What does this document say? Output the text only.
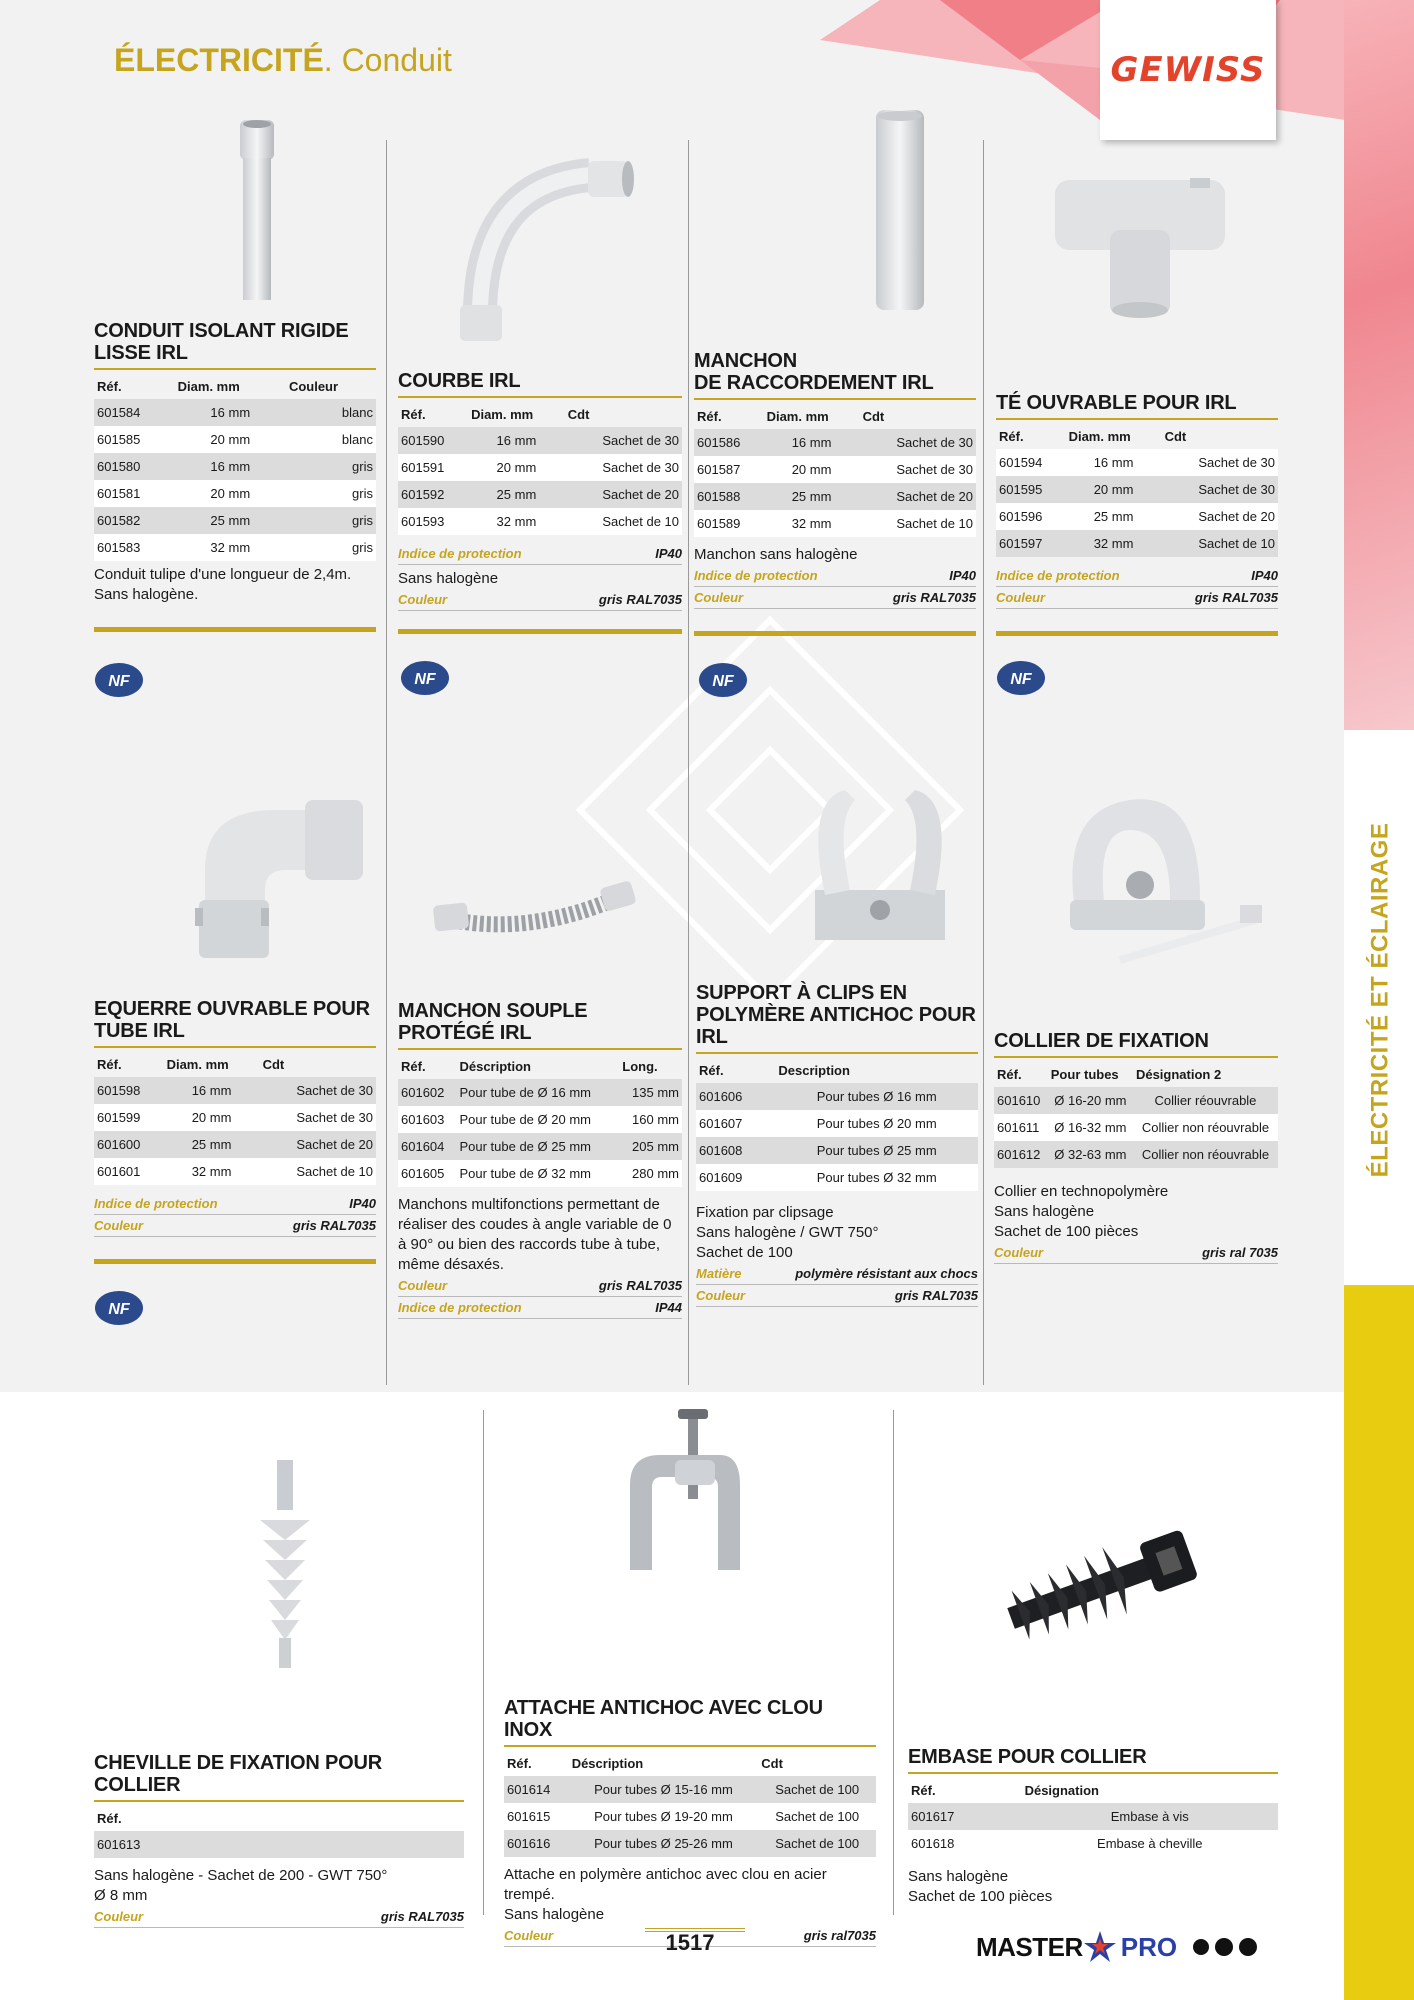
ÉLECTRICITÉ ET ÉCLAIRAGE
ÉLECTRICITÉ. Conduit	GEWISS
NF	NF	NF	NF
NF
CONDUIT ISOLANT RIGIDE LISSE IRL
Réf.	Diam. mm	Couleur
601584	16 mm	blanc
601585	20 mm	blanc
601580	16 mm	gris
601581	20 mm	gris
601582	25 mm	gris
601583	32 mm	gris
Conduit tulipe d'une longueur de 2,4m.
Sans halogène.
COURBE IRL
Réf.	Diam. mm	Cdt
601590	16 mm	Sachet de 30
601591	20 mm	Sachet de 30
601592	25 mm	Sachet de 20
601593	32 mm	Sachet de 10
Indice de protection	IP40
Sans halogène
Couleur	gris RAL7035
MANCHON
DE RACCORDEMENT IRL
Réf.	Diam. mm	Cdt
601586	16 mm	Sachet de 30
601587	20 mm	Sachet de 30
601588	25 mm	Sachet de 20
601589	32 mm	Sachet de 10
Manchon sans halogène
Indice de protection	IP40
Couleur	gris RAL7035
TÉ OUVRABLE POUR IRL
Réf.	Diam. mm	Cdt
601594	16 mm	Sachet de 30
601595	20 mm	Sachet de 30
601596	25 mm	Sachet de 20
601597	32 mm	Sachet de 10
Indice de protection	IP40
Couleur	gris RAL7035
EQUERRE OUVRABLE POUR TUBE IRL
Réf.	Diam. mm	Cdt
601598	16 mm	Sachet de 30
601599	20 mm	Sachet de 30
601600	25 mm	Sachet de 20
601601	32 mm	Sachet de 10
Indice de protection	IP40
Couleur	gris RAL7035
MANCHON SOUPLE PROTÉGÉ IRL
Réf.	Déscription	Long.
601602	Pour tube de Ø 16 mm	135 mm
601603	Pour tube de Ø 20 mm	160 mm
601604	Pour tube de Ø 25 mm	205 mm
601605	Pour tube de Ø 32 mm	280 mm
Manchons multifonctions permettant de réaliser des coudes à angle variable de 0 à 90° ou bien des raccords tube à tube, même désaxés.
Couleur	gris RAL7035
Indice de protection	IP44
SUPPORT À CLIPS EN POLYMÈRE ANTICHOC POUR IRL
Réf.	Description
601606	Pour tubes Ø 16 mm
601607	Pour tubes Ø 20 mm
601608	Pour tubes Ø 25 mm
601609	Pour tubes Ø 32 mm
Fixation par clipsage
Sans halogène / GWT 750°
Sachet de 100
Matière	polymère résistant aux chocs
Couleur	gris RAL7035
COLLIER DE FIXATION
Réf.	Pour tubes	Désignation 2
601610	Ø 16-20 mm	Collier réouvrable
601611	Ø 16-32 mm	Collier non réouvrable
601612	Ø 32-63 mm	Collier non réouvrable
Collier en technopolymère
Sans halogène
Sachet de 100 pièces
Couleur	gris ral 7035
CHEVILLE DE FIXATION POUR COLLIER
Réf.
601613
Sans halogène - Sachet de 200 - GWT 750°
Ø 8 mm
Couleur	gris RAL7035
ATTACHE ANTICHOC AVEC CLOU INOX
Réf.	Déscription	Cdt
601614	Pour tubes Ø 15-16 mm	Sachet de 100
601615	Pour tubes Ø 19-20 mm	Sachet de 100
601616	Pour tubes Ø 25-26 mm	Sachet de 100
Attache en polymère antichoc avec clou en acier trempé.
Sans halogène
Couleur	gris ral7035
EMBASE POUR COLLIER
Réf.	Désignation
601617	Embase à vis
601618	Embase à cheville
Sans halogène
Sachet de 100 pièces
1517	MASTER PRO
